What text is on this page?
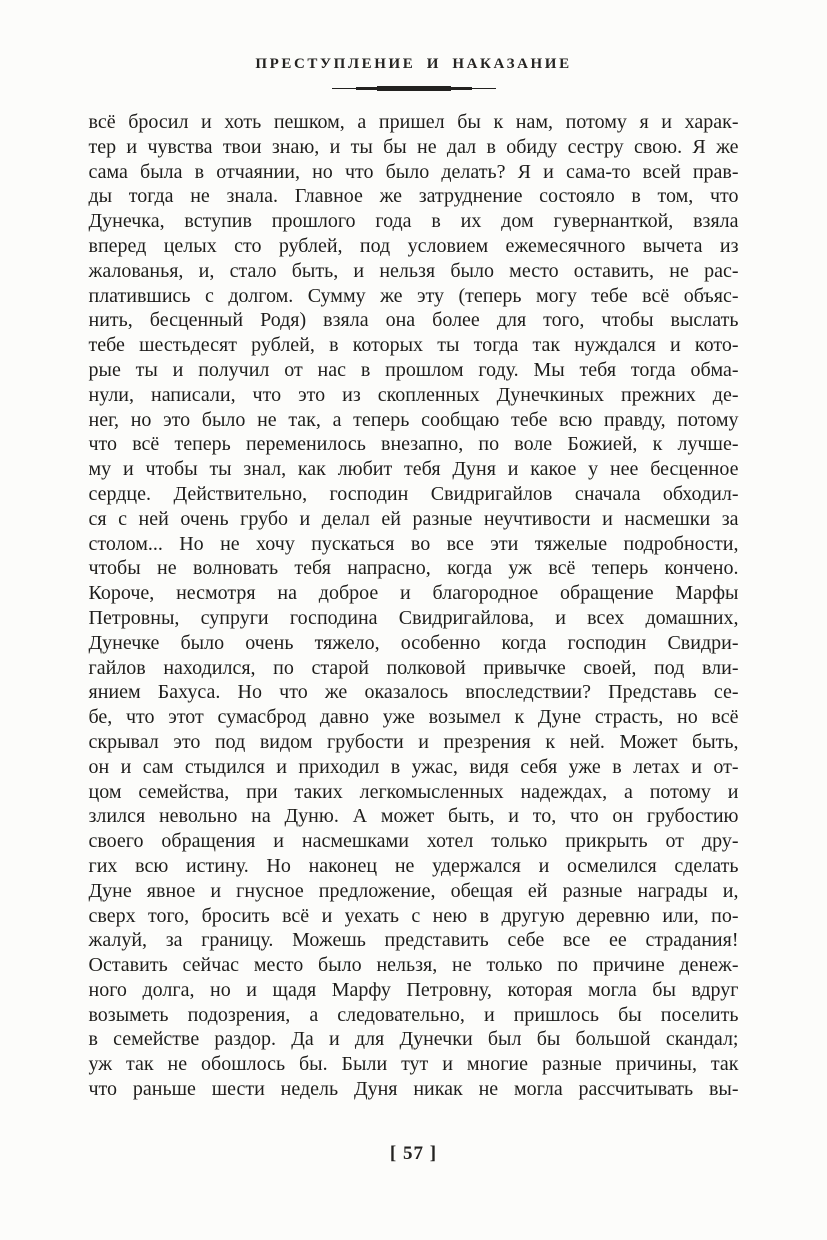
ПРЕСТУПЛЕНИЕ И НАКАЗАНИЕ
всё бросил и хоть пешком, а пришел бы к нам, потому я и харак-
тер и чувства твои знаю, и ты бы не дал в обиду сестру свою. Я же
сама была в отчаянии, но что было делать? Я и сама-то всей прав-
ды тогда не знала. Главное же затруднение состояло в том, что
Дунечка, вступив прошлого года в их дом гувернанткой, взяла
вперед целых сто рублей, под условием ежемесячного вычета из
жалованья, и, стало быть, и нельзя было место оставить, не рас-
платившись с долгом. Сумму же эту (теперь могу тебе всё объяс-
нить, бесценный Родя) взяла она более для того, чтобы выслать
тебе шестьдесят рублей, в которых ты тогда так нуждался и кото-
рые ты и получил от нас в прошлом году. Мы тебя тогда обма-
нули, написали, что это из скопленных Дунечкиных прежних де-
нег, но это было не так, а теперь сообщаю тебе всю правду, потому
что всё теперь переменилось внезапно, по воле Божией, к лучше-
му и чтобы ты знал, как любит тебя Дуня и какое у нее бесценное
сердце. Действительно, господин Свидригайлов сначала обходил-
ся с ней очень грубо и делал ей разные неучтивости и насмешки за
столом... Но не хочу пускаться во все эти тяжелые подробности,
чтобы не волновать тебя напрасно, когда уж всё теперь кончено.
Короче, несмотря на доброе и благородное обращение Марфы
Петровны, супруги господина Свидригайлова, и всех домашних,
Дунечке было очень тяжело, особенно когда господин Свидри-
гайлов находился, по старой полковой привычке своей, под вли-
янием Бахуса. Но что же оказалось впоследствии? Представь се-
бе, что этот сумасброд давно уже возымел к Дуне страсть, но всё
скрывал это под видом грубости и презрения к ней. Может быть,
он и сам стыдился и приходил в ужас, видя себя уже в летах и от-
цом семейства, при таких легкомысленных надеждах, а потому и
злился невольно на Дуню. А может быть, и то, что он грубостию
своего обращения и насмешками хотел только прикрыть от дру-
гих всю истину. Но наконец не удержался и осмелился сделать
Дуне явное и гнусное предложение, обещая ей разные награды и,
сверх того, бросить всё и уехать с нею в другую деревню или, по-
жалуй, за границу. Можешь представить себе все ее страдания!
Оставить сейчас место было нельзя, не только по причине денеж-
ного долга, но и щадя Марфу Петровну, которая могла бы вдруг
возыметь подозрения, а следовательно, и пришлось бы поселить
в семействе раздор. Да и для Дунечки был бы большой скандал;
уж так не обошлось бы. Были тут и многие разные причины, так
что раньше шести недель Дуня никак не могла рассчитывать вы-
[ 57 ]
